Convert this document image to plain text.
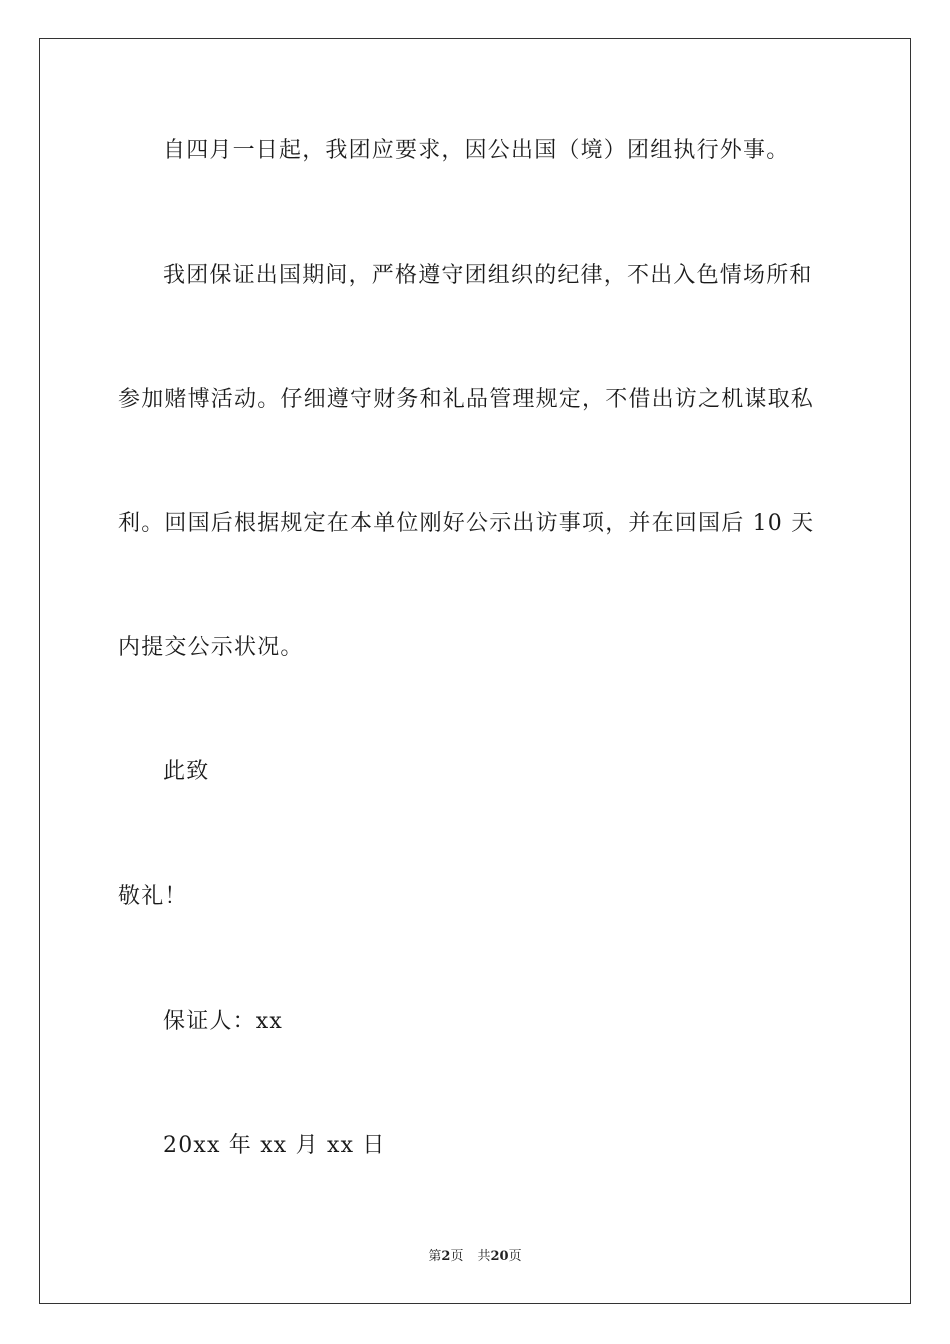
自四月一日起，我团应要求，因公出国（境）团组执行外事。
我团保证出国期间，严格遵守团组织的纪律，不出入色情场所和
参加赌博活动。仔细遵守财务和礼品管理规定，不借出访之机谋取私
利。回国后根据规定在本单位刚好公示出访事项，并在回国后 10 天
内提交公示状况。
此致
敬礼！
保证人：xx
20xx 年 xx 月 xx 日
第2页 共20页
